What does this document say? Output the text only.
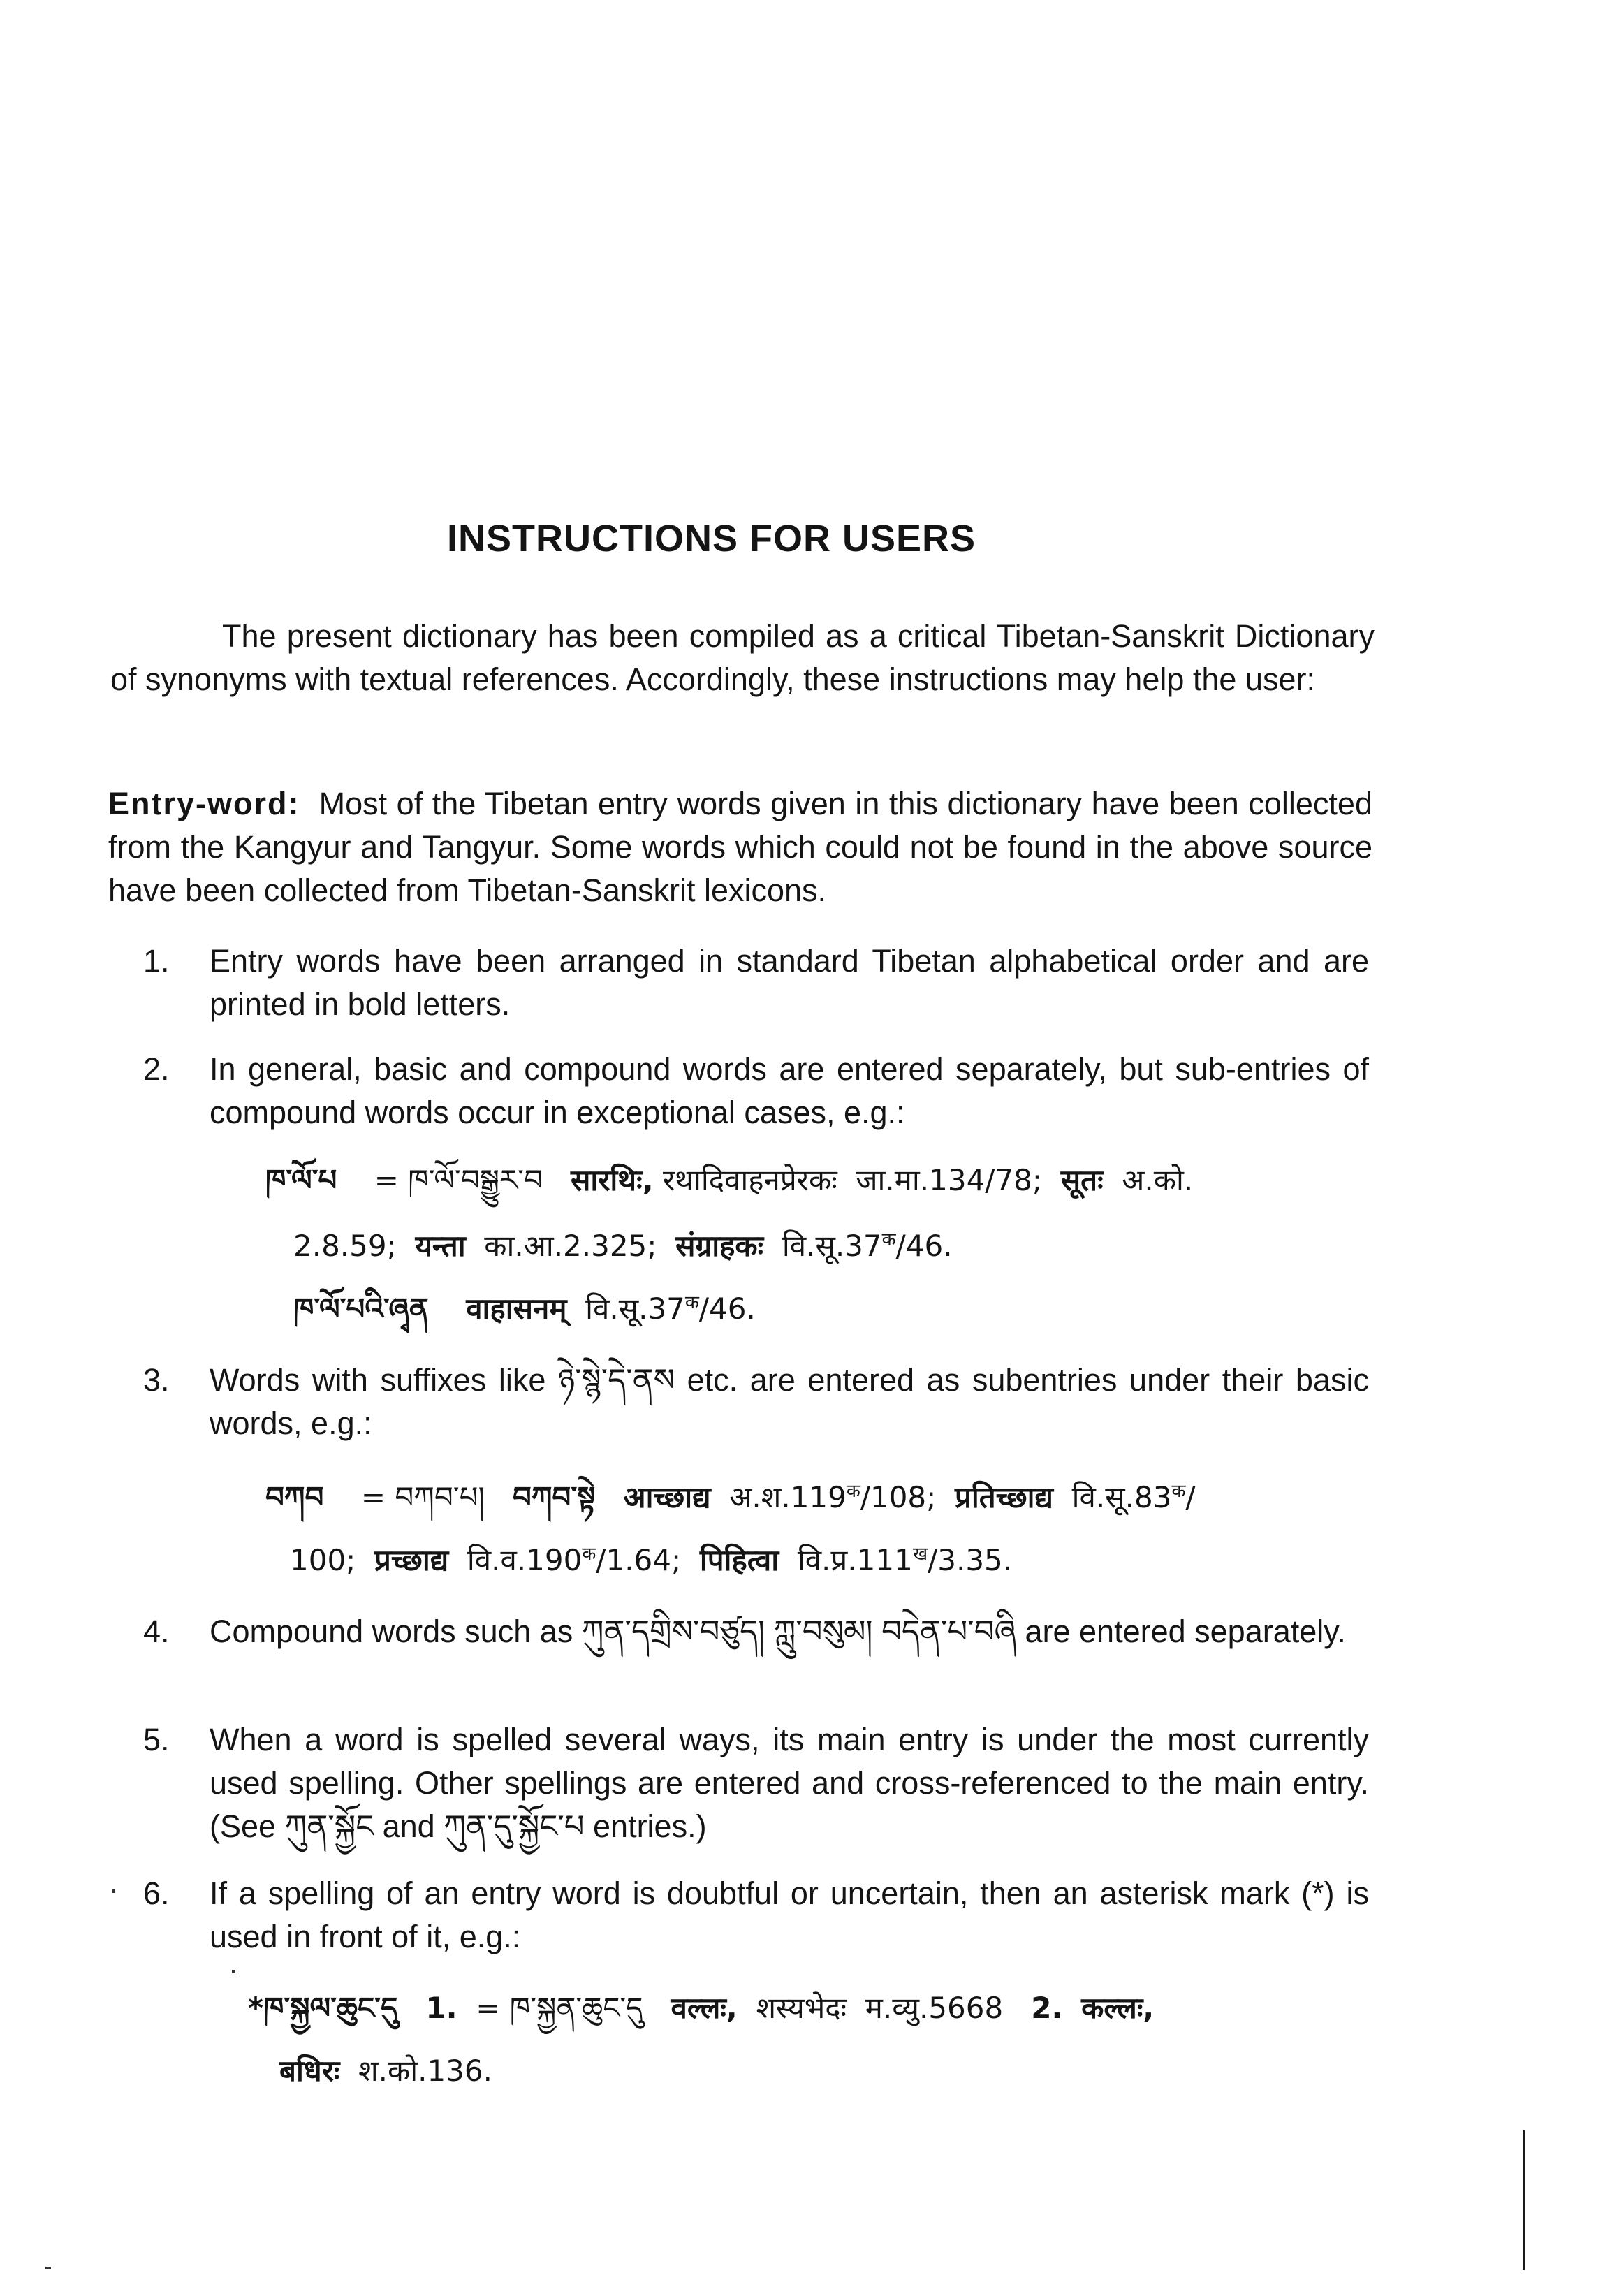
INSTRUCTIONS FOR USERS
The present dictionary has been compiled as a critical Tibetan-Sanskrit Dictionary of synonyms with textual references. Accordingly, these instructions may help the user:
Entry-word: Most of the Tibetan entry words given in this dictionary have been collected from the Kangyur and Tangyur. Some words which could not be found in the above source have been collected from Tibetan-Sanskrit lexicons.
1.	Entry words have been arranged in standard Tibetan alphabetical order and are printed in bold letters.
2.	In general, basic and compound words are entered separately, but sub-entries of compound words occur in exceptional cases, e.g.:
ཁ་ལོ་པ = ཁ་ལོ་བསྒྱུར་བ सारथिः, रथादिवाहनप्रेरकः जा.मा.134/78; सूतः अ.को.
2.8.59; यन्ता का.आ.2.325; संग्राहकः $वि.सू.37^क/46$.
ཁ་ལོ་པའི་ཞྭན वाहासनम् $वि.सू.37^क/46$.
3.	Words with suffixes like ཉེ་སྙེ་དེ་ནས etc. are entered as subentries under their basic words, e.g.:
བཀབ = བཀབ་པ། བཀབ་སྟེ आच्छाद्य $अ.श.119^क/108$; प्रतिच्छाद्य $वि.सू.83^क/$
100; प्रच्छाद्य $वि.व.190^क/1.64$; पिहित्वा $वि.प्र.111^ख/3.35$.
4.	Compound words such as ཀུན་དགྲིས་བཙུད། ཀླུ་བསུམ། བདེན་པ་བཞི are entered separately.
5.	When a word is spelled several ways, its main entry is under the most currently used spelling. Other spellings are entered and cross-referenced to the main entry. (See ཀུན་སྐྱོང and ཀུན་དུ་སྐྱོང་པ entries.)
6.	If a spelling of an entry word is doubtful or uncertain, then an asterisk mark (*) is used in front of it, e.g.:
*ཁ་སྐྱལ་ཆུང་དུ 1. = ཁ་སྐྱན་ཆུང་དུ वल्लः, शस्यभेदः म.व्यु.5668 2. कल्लः,
बधिरः श.को.136.
